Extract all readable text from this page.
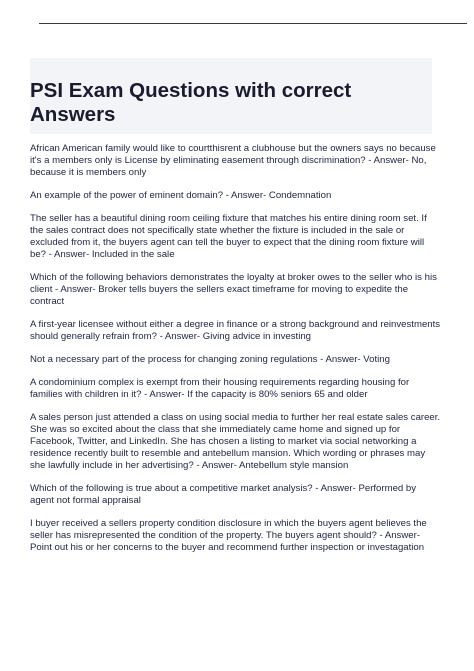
PSI Exam Questions with correct
Answers
African American family would like to courtthisrent a clubhouse but the owners says no because it's a members only is License by eliminating easement through discrimination? - Answer- No, because it is members only
An example of the power of eminent domain? - Answer- Condemnation
The seller has a beautiful dining room ceiling fixture that matches his entire dining room set. If the sales contract does not specifically state whether the fixture is included in the sale or excluded from it, the buyers agent can tell the buyer to expect that the dining room fixture will be? - Answer- Included in the sale
Which of the following behaviors demonstrates the loyalty at broker owes to the seller who is his client - Answer- Broker tells buyers the sellers exact timeframe for moving to expedite the contract
A first-year licensee without either a degree in finance or a strong background and reinvestments should generally refrain from? - Answer- Giving advice in investing
Not a necessary part of the process for changing zoning regulations - Answer- Voting
A condominium complex is exempt from their housing requirements regarding housing for families with children in it? - Answer- If the capacity is 80% seniors 65 and older
A sales person just attended a class on using social media to further her real estate sales career. She was so excited about the class that she immediately came home and signed up for Facebook, Twitter, and LinkedIn. She has chosen a listing to market via social networking a residence recently built to resemble and antebellum mansion. Which wording or phrases may she lawfully include in her advertising? - Answer- Antebellum style mansion
Which of the following is true about a competitive market analysis? - Answer- Performed by agent not formal appraisal
I buyer received a sellers property condition disclosure in which the buyers agent believes the seller has misrepresented the condition of the property. The buyers agent should? - Answer- Point out his or her concerns to the buyer and recommend further inspection or investagation
